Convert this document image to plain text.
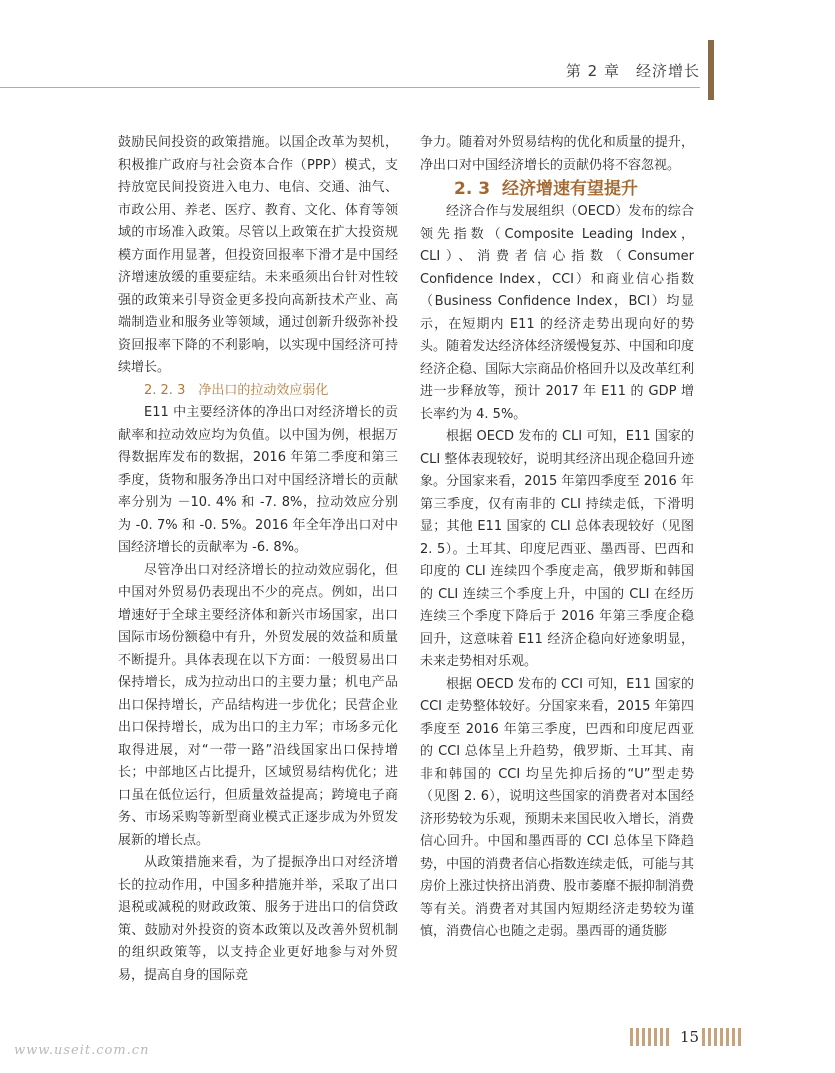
第 2 章　经济增长

鼓励民间投资的政策措施。以国企改革为契机，积极推广政府与社会资本合作（PPP）模式，支持放宽民间投资进入电力、电信、交通、油气、市政公用、养老、医疗、教育、文化、体育等领域的市场准入政策。尽管以上政策在扩大投资规模方面作用显著，但投资回报率下滑才是中国经济增速放缓的重要症结。未来亟须出台针对性较强的政策来引导资金更多投向高新技术产业、高端制造业和服务业等领域，通过创新升级弥补投资回报率下降的不利影响，以实现中国经济可持续增长。

2. 2. 3　净出口的拉动效应弱化

E11 中主要经济体的净出口对经济增长的贡献率和拉动效应均为负值。以中国为例，根据万得数据库发布的数据，2016 年第二季度和第三季度，货物和服务净出口对中国经济增长的贡献率分别为 －10. 4% 和 -7. 8%，拉动效应分别为 -0. 7% 和 -0. 5%。2016 年全年净出口对中国经济增长的贡献率为 -6. 8%。

尽管净出口对经济增长的拉动效应弱化，但中国对外贸易仍表现出不少的亮点。例如，出口增速好于全球主要经济体和新兴市场国家，出口国际市场份额稳中有升，外贸发展的效益和质量不断提升。具体表现在以下方面：一般贸易出口保持增长，成为拉动出口的主要力量；机电产品出口保持增长，产品结构进一步优化；民营企业出口保持增长，成为出口的主力军；市场多元化取得进展，对“一带一路”沿线国家出口保持增长；中部地区占比提升，区域贸易结构优化；进口虽在低位运行，但质量效益提高；跨境电子商务、市场采购等新型商业模式正逐步成为外贸发展新的增长点。

从政策措施来看，为了提振净出口对经济增长的拉动作用，中国多种措施并举，采取了出口退税或减税的财政政策、服务于进出口的信贷政策、鼓励对外投资的资本政策以及改善外贸机制的组织政策等，以支持企业更好地参与对外贸易，提高自身的国际竞

争力。随着对外贸易结构的优化和质量的提升，净出口对中国经济增长的贡献仍将不容忽视。

2. 3 经济增速有望提升

经济合作与发展组织（OECD）发布的综合领先指数（Composite Leading Index，CLI）、消费者信心指数（Consumer Confidence Index，CCI）和商业信心指数（Business Confidence Index，BCI）均显示，在短期内 E11 的经济走势出现向好的势头。随着发达经济体经济缓慢复苏、中国和印度经济企稳、国际大宗商品价格回升以及改革红利进一步释放等，预计 2017 年 E11 的 GDP 增长率约为 4. 5%。

根据 OECD 发布的 CLI 可知，E11 国家的 CLI 整体表现较好，说明其经济出现企稳回升迹象。分国家来看，2015 年第四季度至 2016 年第三季度，仅有南非的 CLI 持续走低，下滑明显；其他 E11 国家的 CLI 总体表现较好（见图 2. 5）。土耳其、印度尼西亚、墨西哥、巴西和印度的 CLI 连续四个季度走高，俄罗斯和韩国的 CLI 连续三个季度上升，中国的 CLI 在经历连续三个季度下降后于 2016 年第三季度企稳回升，这意味着 E11 经济企稳向好迹象明显，未来走势相对乐观。

根据 OECD 发布的 CCI 可知，E11 国家的 CCI 走势整体较好。分国家来看，2015 年第四季度至 2016 年第三季度，巴西和印度尼西亚的 CCI 总体呈上升趋势，俄罗斯、土耳其、南非和韩国的 CCI 均呈先抑后扬的“U”型走势（见图 2. 6），说明这些国家的消费者对本国经济形势较为乐观，预期未来国民收入增长，消费信心回升。中国和墨西哥的 CCI 总体呈下降趋势，中国的消费者信心指数连续走低，可能与其房价上涨过快挤出消费、股市萎靡不振抑制消费等有关。消费者对其国内短期经济走势较为谨慎，消费信心也随之走弱。墨西哥的通货膨

15
www.useit.com.cn
